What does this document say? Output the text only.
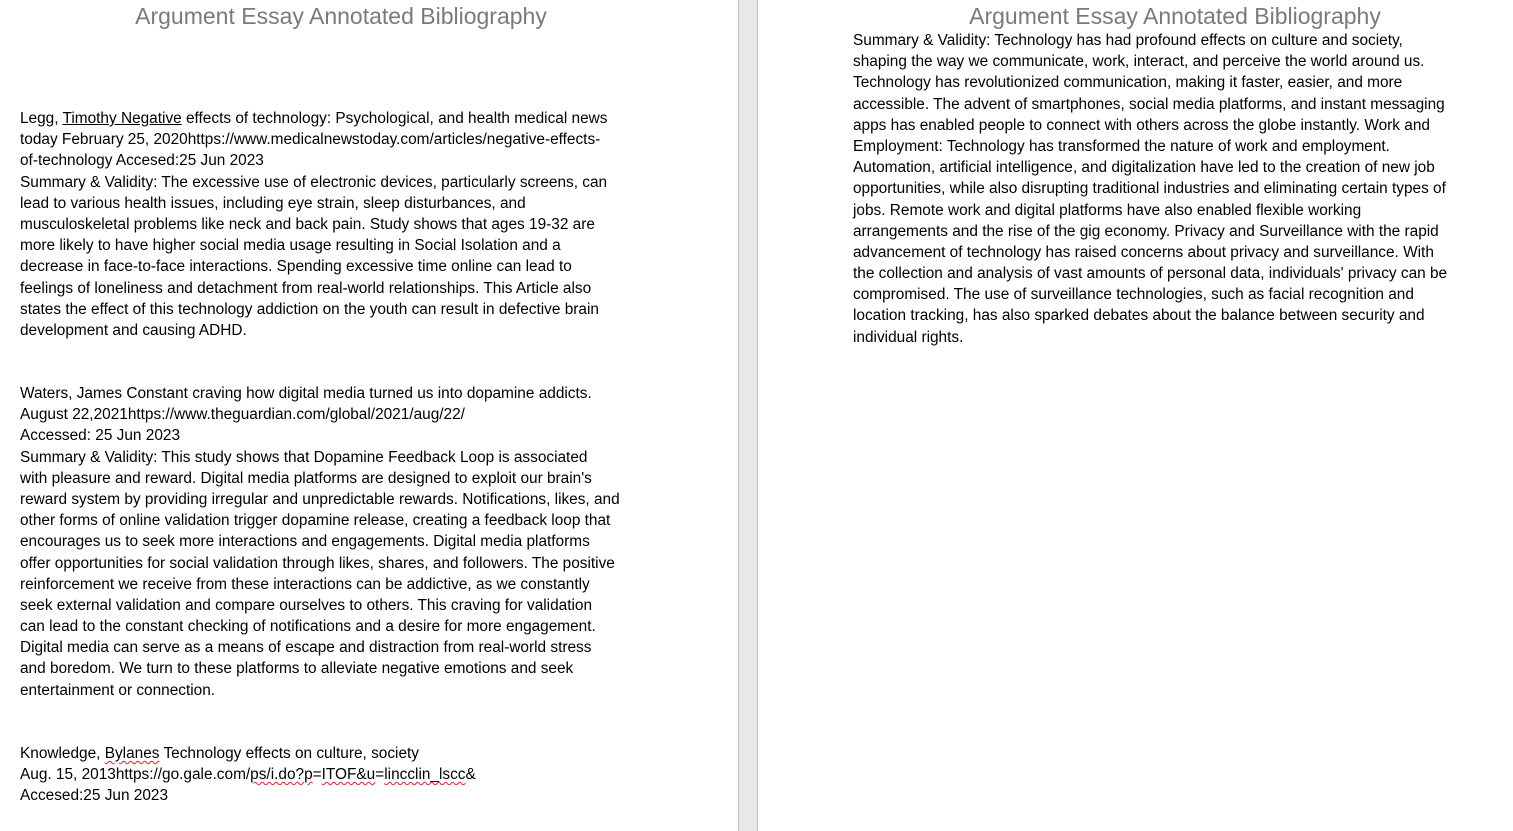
Argument Essay Annotated Bibliography
Legg, Timothy Negative effects of technology: Psychological, and health medical news
today February 25, 2020https://www.medicalnewstoday.com/articles/negative-effects-
of-technology Accesed:25 Jun 2023
Summary & Validity: The excessive use of electronic devices, particularly screens, can
lead to various health issues, including eye strain, sleep disturbances, and
musculoskeletal problems like neck and back pain. Study shows that ages 19-32 are
more likely to have higher social media usage resulting in Social Isolation and a
decrease in face-to-face interactions. Spending excessive time online can lead to
feelings of loneliness and detachment from real-world relationships. This Article also
states the effect of this technology addiction on the youth can result in defective brain
development and causing ADHD.
Waters, James Constant craving how digital media turned us into dopamine addicts.
August 22,2021https://www.theguardian.com/global/2021/aug/22/
Accessed: 25 Jun 2023
Summary & Validity: This study shows that Dopamine Feedback Loop is associated
with pleasure and reward. Digital media platforms are designed to exploit our brain's
reward system by providing irregular and unpredictable rewards. Notifications, likes, and
other forms of online validation trigger dopamine release, creating a feedback loop that
encourages us to seek more interactions and engagements. Digital media platforms
offer opportunities for social validation through likes, shares, and followers. The positive
reinforcement we receive from these interactions can be addictive, as we constantly
seek external validation and compare ourselves to others. This craving for validation
can lead to the constant checking of notifications and a desire for more engagement.
Digital media can serve as a means of escape and distraction from real-world stress
and boredom. We turn to these platforms to alleviate negative emotions and seek
entertainment or connection.
Knowledge, Bylanes Technology effects on culture, society
Aug. 15, 2013https://go.gale.com/ps/i.do?p=ITOF&u=lincclin_lscc&
Accesed:25 Jun 2023
Argument Essay Annotated Bibliography
Summary & Validity: Technology has had profound effects on culture and society,
shaping the way we communicate, work, interact, and perceive the world around us.
Technology has revolutionized communication, making it faster, easier, and more
accessible. The advent of smartphones, social media platforms, and instant messaging
apps has enabled people to connect with others across the globe instantly. Work and
Employment: Technology has transformed the nature of work and employment.
Automation, artificial intelligence, and digitalization have led to the creation of new job
opportunities, while also disrupting traditional industries and eliminating certain types of
jobs. Remote work and digital platforms have also enabled flexible working
arrangements and the rise of the gig economy. Privacy and Surveillance with the rapid
advancement of technology has raised concerns about privacy and surveillance. With
the collection and analysis of vast amounts of personal data, individuals' privacy can be
compromised. The use of surveillance technologies, such as facial recognition and
location tracking, has also sparked debates about the balance between security and
individual rights.
